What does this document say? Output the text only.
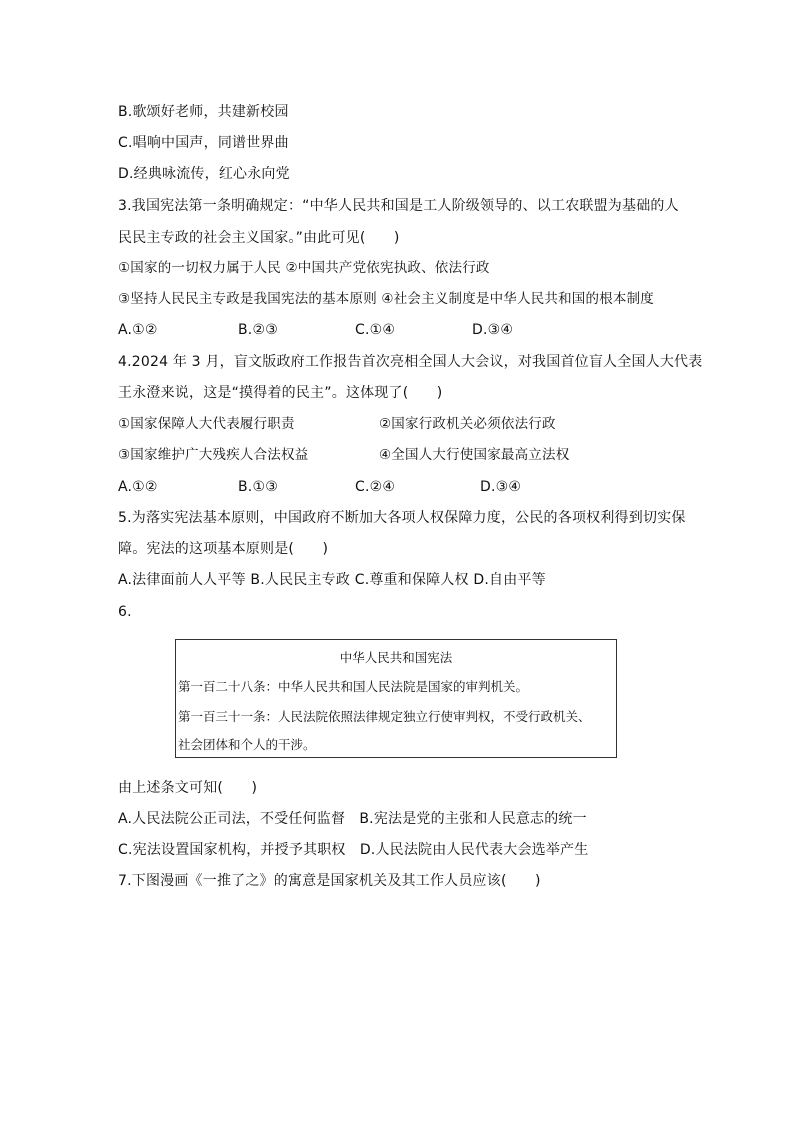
B.歌颂好老师，共建新校园
C.唱响中国声，同谱世界曲
D.经典咏流传，红心永向党
3.我国宪法第一条明确规定：“中华人民共和国是工人阶级领导的、以工农联盟为基础的人
民民主专政的社会主义国家。”由此可见(　　)
①国家的一切权力属于人民 ②中国共产党依宪执政、依法行政
③坚持人民民主专政是我国宪法的基本原则 ④社会主义制度是中华人民共和国的根本制度
A.①②	B.②③	C.①④	D.③④
4.2024 年 3 月，盲文版政府工作报告首次亮相全国人大会议，对我国首位盲人全国人大代表
王永澄来说，这是“摸得着的民主”。这体现了(　　)
①国家保障人大代表履行职责	②国家行政机关必须依法行政
③国家维护广大残疾人合法权益	④全国人大行使国家最高立法权
A.①②	B.①③	C.②④	D.③④
5.为落实宪法基本原则，中国政府不断加大各项人权保障力度，公民的各项权利得到切实保
障。宪法的这项基本原则是(　　)
A.法律面前人人平等 B.人民民主专政 C.尊重和保障人权 D.自由平等
6.
中华人民共和国宪法
第一百二十八条：中华人民共和国人民法院是国家的审判机关。
第一百三十一条：人民法院依照法律规定独立行使审判权，不受行政机关、
社会团体和个人的干涉。
由上述条文可知(　　)
A.人民法院公正司法，不受任何监督　B.宪法是党的主张和人民意志的统一
C.宪法设置国家机构，并授予其职权　D.人民法院由人民代表大会选举产生
7.下图漫画《一推了之》的寓意是国家机关及其工作人员应该(　　)
